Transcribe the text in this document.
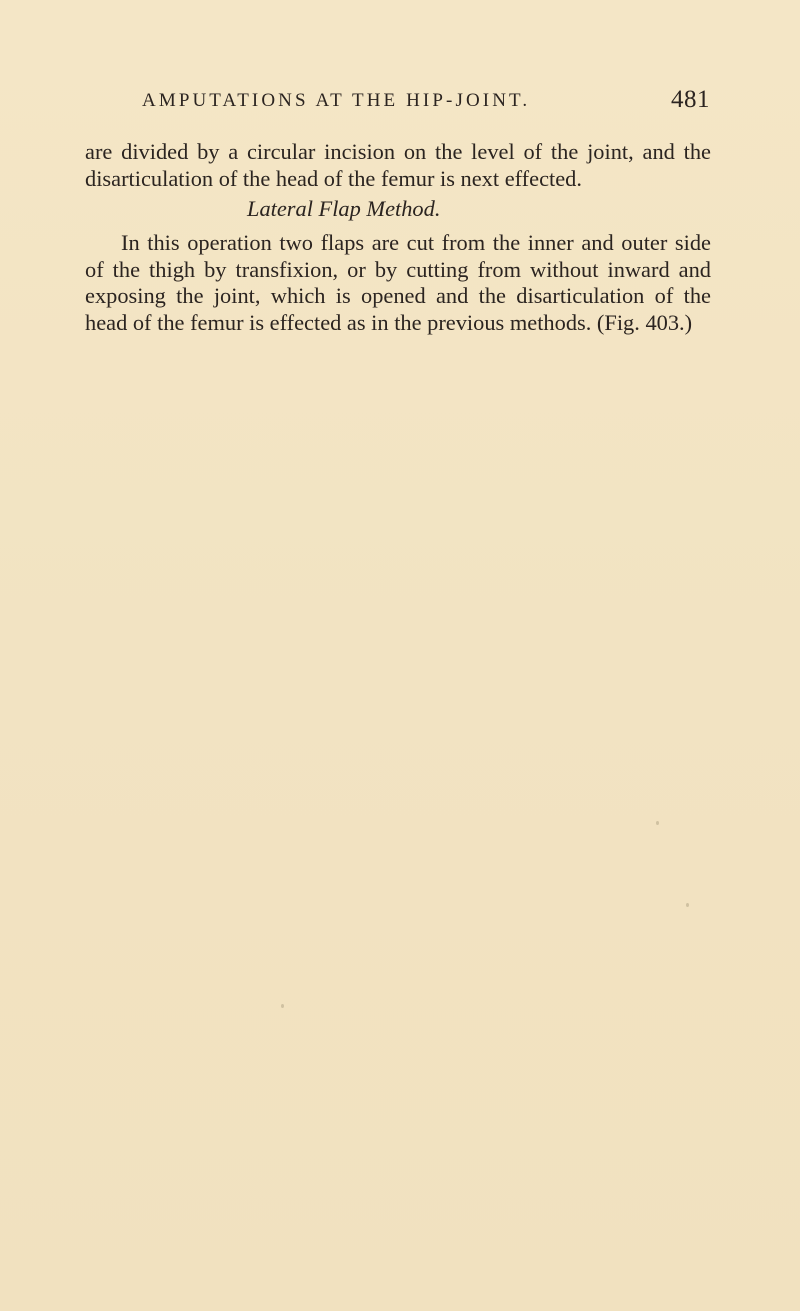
AMPUTATIONS AT THE HIP-JOINT.	481

are divided by a circular incision on the level of the joint, and the disarticulation of the head of the femur is next effected.

Lateral Flap Method.

In this operation two flaps are cut from the inner and outer side of the thigh by transfixion, or by cutting from without inward and exposing the joint, which is opened and the disarticulation of the head of the femur is effected as in the previous methods. (Fig. 403.)
